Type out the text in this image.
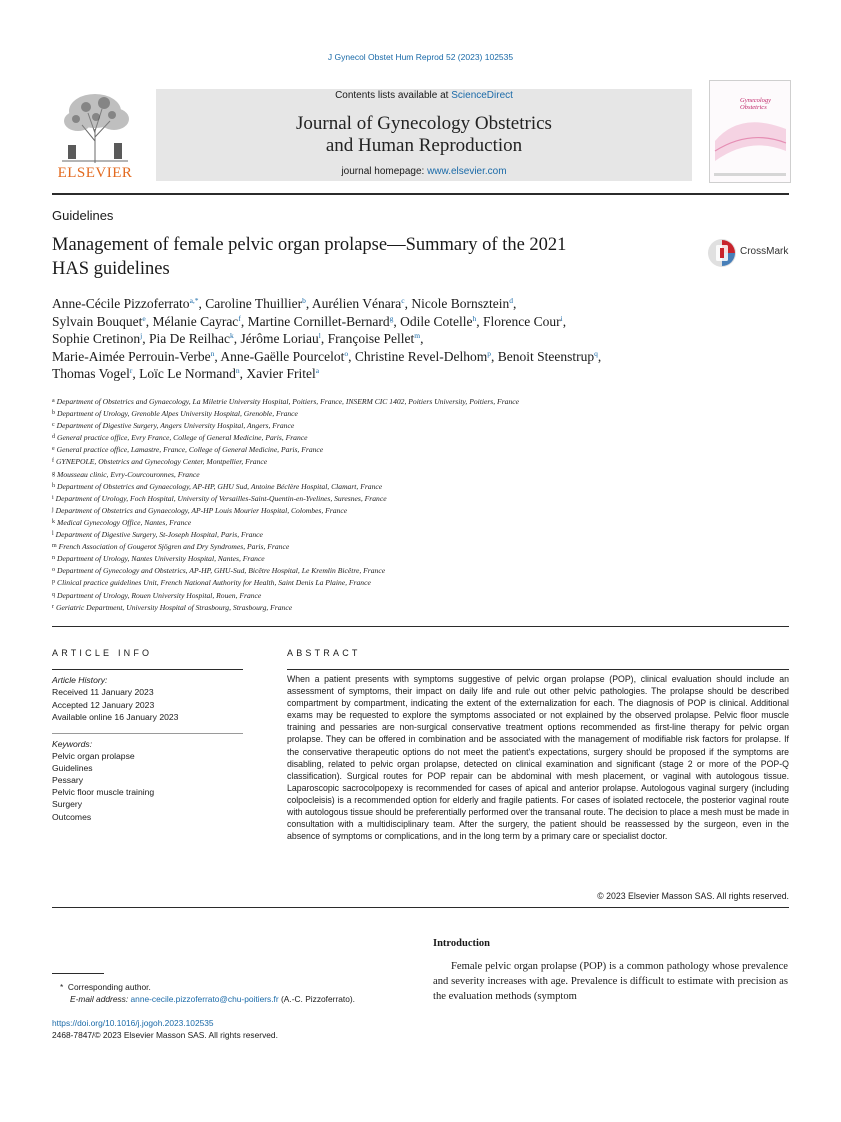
J Gynecol Obstet Hum Reprod 52 (2023) 102535
ELSEVIER
Contents lists available at ScienceDirect
Journal of Gynecology Obstetrics
and Human Reproduction
journal homepage: www.elsevier.com
Gynecology
Obstetrics
Guidelines
Management of female pelvic organ prolapse—Summary of the 2021
HAS guidelines
CrossMark
Anne-Cécile Pizzoferrato$^{a,*}$, Caroline Thuillier$^b$, Aurélien Vénara$^c$, Nicole Bornsztein$^d$,
Sylvain Bouquet$^e$, Mélanie Cayrac$^f$, Martine Cornillet-Bernard$^g$, Odile Cotelle$^h$, Florence Cour$^i$,
Sophie Cretinon$^j$, Pia De Reilhac$^k$, Jérôme Loriau$^l$, Françoise Pellet$^m$,
Marie-Aimée Perrouin-Verbe$^n$, Anne-Gaëlle Pourcelot$^o$, Christine Revel-Delhom$^p$, Benoit Steenstrup$^q$,
Thomas Vogel$^r$, Loïc Le Normand$^n$, Xavier Fritel$^a$
$^a$ Department of Obstetrics and Gynaecology, La Miletrie University Hospital, Poitiers, France, INSERM CIC 1402, Poitiers University, Poitiers, France
$^b$ Department of Urology, Grenoble Alpes University Hospital, Grenoble, France
$^c$ Department of Digestive Surgery, Angers University Hospital, Angers, France
$^d$ General practice office, Evry France, College of General Medicine, Paris, France
$^e$ General practice office, Lamastre, France, College of General Medicine, Paris, France
$^f$ GYNEPOLE, Obstetrics and Gynecology Center, Montpellier, France
$^g$ Mousseau clinic, Evry-Courcouronnes, France
$^h$ Department of Obstetrics and Gynaecology, AP-HP, GHU Sud, Antoine Béclère Hospital, Clamart, France
$^i$ Department of Urology, Foch Hospital, University of Versailles-Saint-Quentin-en-Yvelines, Suresnes, France
$^j$ Department of Obstetrics and Gynaecology, AP-HP Louis Mourier Hospital, Colombes, France
$^k$ Medical Gynecology Office, Nantes, France
$^l$ Department of Digestive Surgery, St-Joseph Hospital, Paris, France
$^m$ French Association of Gougerot Sjögren and Dry Syndromes, Paris, France
$^n$ Department of Urology, Nantes University Hospital, Nantes, France
$^o$ Department of Gynecology and Obstetrics, AP-HP, GHU-Sud, Bicêtre Hospital, Le Kremlin Bicêtre, France
$^p$ Clinical practice guidelines Unit, French National Authority for Health, Saint Denis La Plaine, France
$^q$ Department of Urology, Rouen University Hospital, Rouen, France
$^r$ Geriatric Department, University Hospital of Strasbourg, Strasbourg, France
ARTICLE INFO	ABSTRACT
Article History:
Received 11 January 2023
Accepted 12 January 2023
Available online 16 January 2023
Keywords:
Pelvic organ prolapse
Guidelines
Pessary
Pelvic floor muscle training
Surgery
Outcomes
When a patient presents with symptoms suggestive of pelvic organ prolapse (POP), clinical evaluation should include an assessment of symptoms, their impact on daily life and rule out other pelvic pathologies. The prolapse should be described compartment by compartment, indicating the extent of the externalization for each. The diagnosis of POP is clinical. Additional exams may be requested to explore the symptoms associated or not explained by the observed prolapse. Pelvic floor muscle training and pessaries are non-surgical conservative treatment options recommended as first-line therapy for pelvic organ prolapse. They can be offered in combination and be associated with the management of modifiable risk factors for prolapse. If the conservative therapeutic options do not meet the patient's expectations, surgery should be proposed if the symptoms are disabling, related to pelvic organ prolapse, detected on clinical examination and significant (stage 2 or more of the POP-Q classification). Surgical routes for POP repair can be abdominal with mesh placement, or vaginal with autologous tissue. Laparoscopic sacrocolpopexy is recommended for cases of apical and anterior prolapse. Autologous vaginal surgery (including colpocleisis) is a recommended option for elderly and fragile patients. For cases of isolated rectocele, the posterior vaginal route with autologous tissue should be preferentially performed over the transanal route. The decision to place a mesh must be made in consultation with a multidisciplinary team. After the surgery, the patient should be reassessed by the surgeon, even in the absence of symptoms or complications, and in the long term by a primary care or specialist doctor.
© 2023 Elsevier Masson SAS. All rights reserved.
Introduction
Female pelvic organ prolapse (POP) is a common pathology whose prevalence and severity increases with age. Prevalence is difficult to estimate with precision as the evaluation methods (symptom
* Corresponding author.
E-mail address: anne-cecile.pizzoferrato@chu-poitiers.fr (A.-C. Pizzoferrato).
https://doi.org/10.1016/j.jogoh.2023.102535
2468-7847/© 2023 Elsevier Masson SAS. All rights reserved.
